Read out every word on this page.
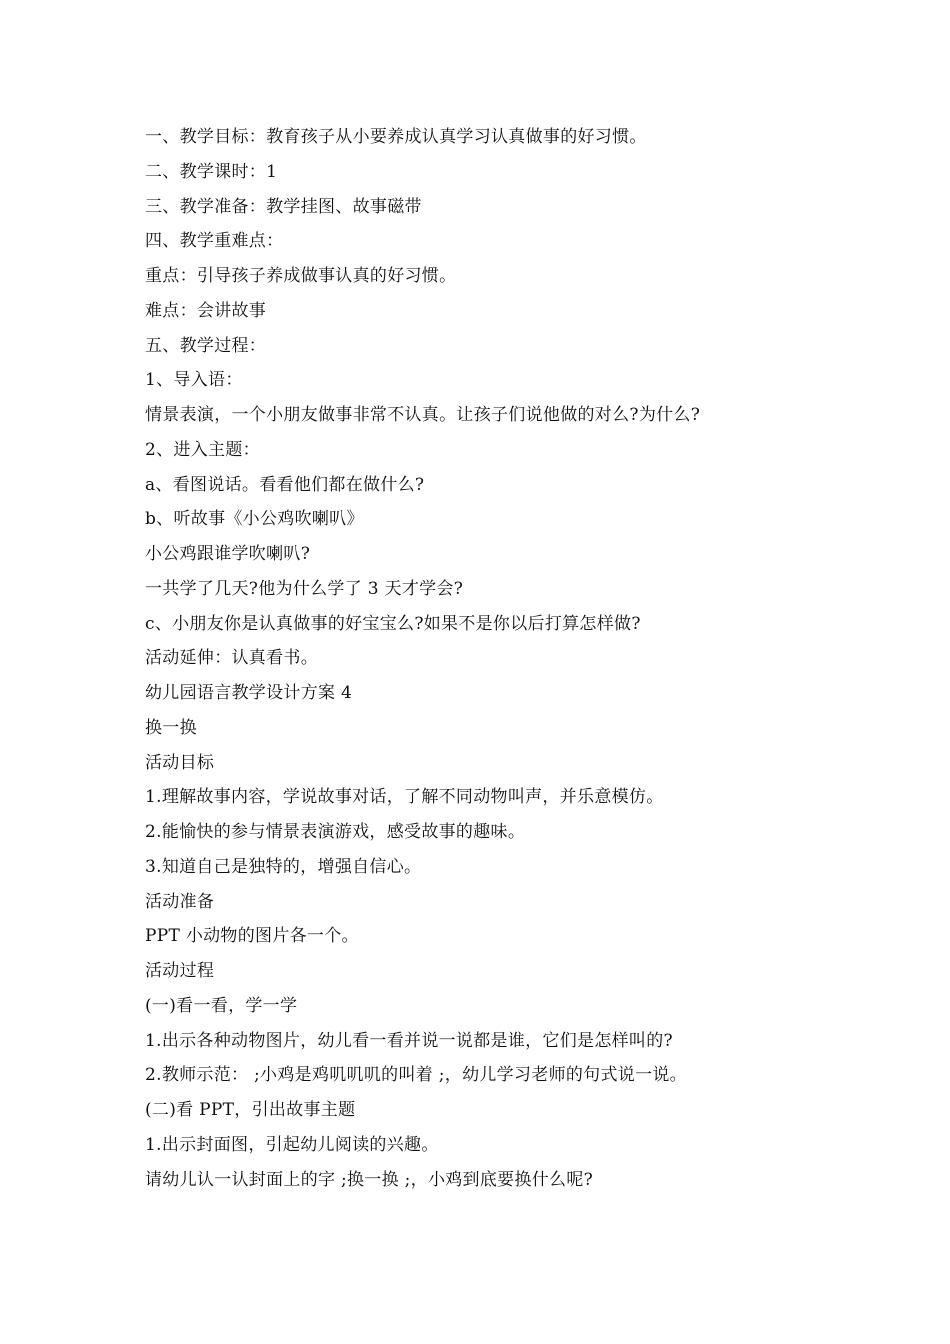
一、教学目标：教育孩子从小要养成认真学习认真做事的好习惯。
二、教学课时：1
三、教学准备：教学挂图、故事磁带
四、教学重难点：
重点：引导孩子养成做事认真的好习惯。
难点：会讲故事
五、教学过程：
1、导入语：
情景表演，一个小朋友做事非常不认真。让孩子们说他做的对么?为什么?
2、进入主题：
a、看图说话。看看他们都在做什么?
b、听故事《小公鸡吹喇叭》
小公鸡跟谁学吹喇叭?
一共学了几天?他为什么学了 3 天才学会?
c、小朋友你是认真做事的好宝宝么?如果不是你以后打算怎样做?
活动延伸：认真看书。
幼儿园语言教学设计方案 4
换一换
活动目标
1.理解故事内容，学说故事对话，了解不同动物叫声，并乐意模仿。
2.能愉快的参与情景表演游戏，感受故事的趣味。
3.知道自己是独特的，增强自信心。
活动准备
PPT 小动物的图片各一个。
活动过程
(一)看一看，学一学
1.出示各种动物图片，幼儿看一看并说一说都是谁，它们是怎样叫的?
2.教师示范： ;小鸡是鸡叽叽叽的叫着 ;，幼儿学习老师的句式说一说。
(二)看 PPT，引出故事主题
1.出示封面图，引起幼儿阅读的兴趣。
请幼儿认一认封面上的字 ;换一换 ;，小鸡到底要换什么呢?
